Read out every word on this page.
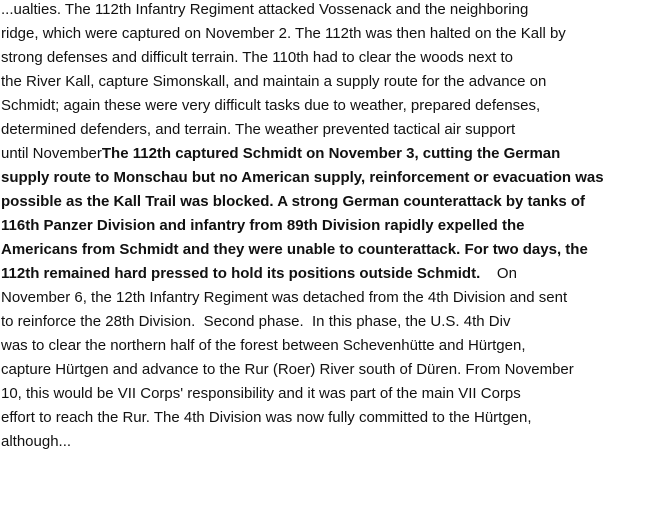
...ualties. The 112th Infantry Regiment attacked Vossenack and the neighboring
ridge, which were captured on November 2. The 112th was then halted on the Kall by
strong defenses and difficult terrain. The 110th had to clear the woods next to
the River Kall, capture Simonskall, and maintain a supply route for the advance on
Schmidt; again these were very difficult tasks due to weather, prepared defenses,
determined defenders, and terrain. The weather prevented tactical air support
until NovemberThe 112th captured Schmidt on November 3, cutting the German
supply route to Monschau but no American supply, reinforcement or evacuation was
possible as the Kall Trail was blocked. A strong German counterattack by tanks of
116th Panzer Division and infantry from 89th Division rapidly expelled the
Americans from Schmidt and they were unable to counterattack. For two days, the
112th remained hard pressed to hold its positions outside Schmidt.    On
November 6, the 12th Infantry Regiment was detached from the 4th Division and sent
to reinforce the 28th Division.  Second phase.  In this phase, the U.S. 4th Div
was to clear the northern half of the forest between Schevenhütte and Hürtgen,
capture Hürtgen and advance to the Rur (Roer) River south of Düren. From November
10, this would be VII Corps' responsibility and it was part of the main VII Corps
effort to reach the Rur. The 4th Division was now fully committed to the Hürtgen,
although...
